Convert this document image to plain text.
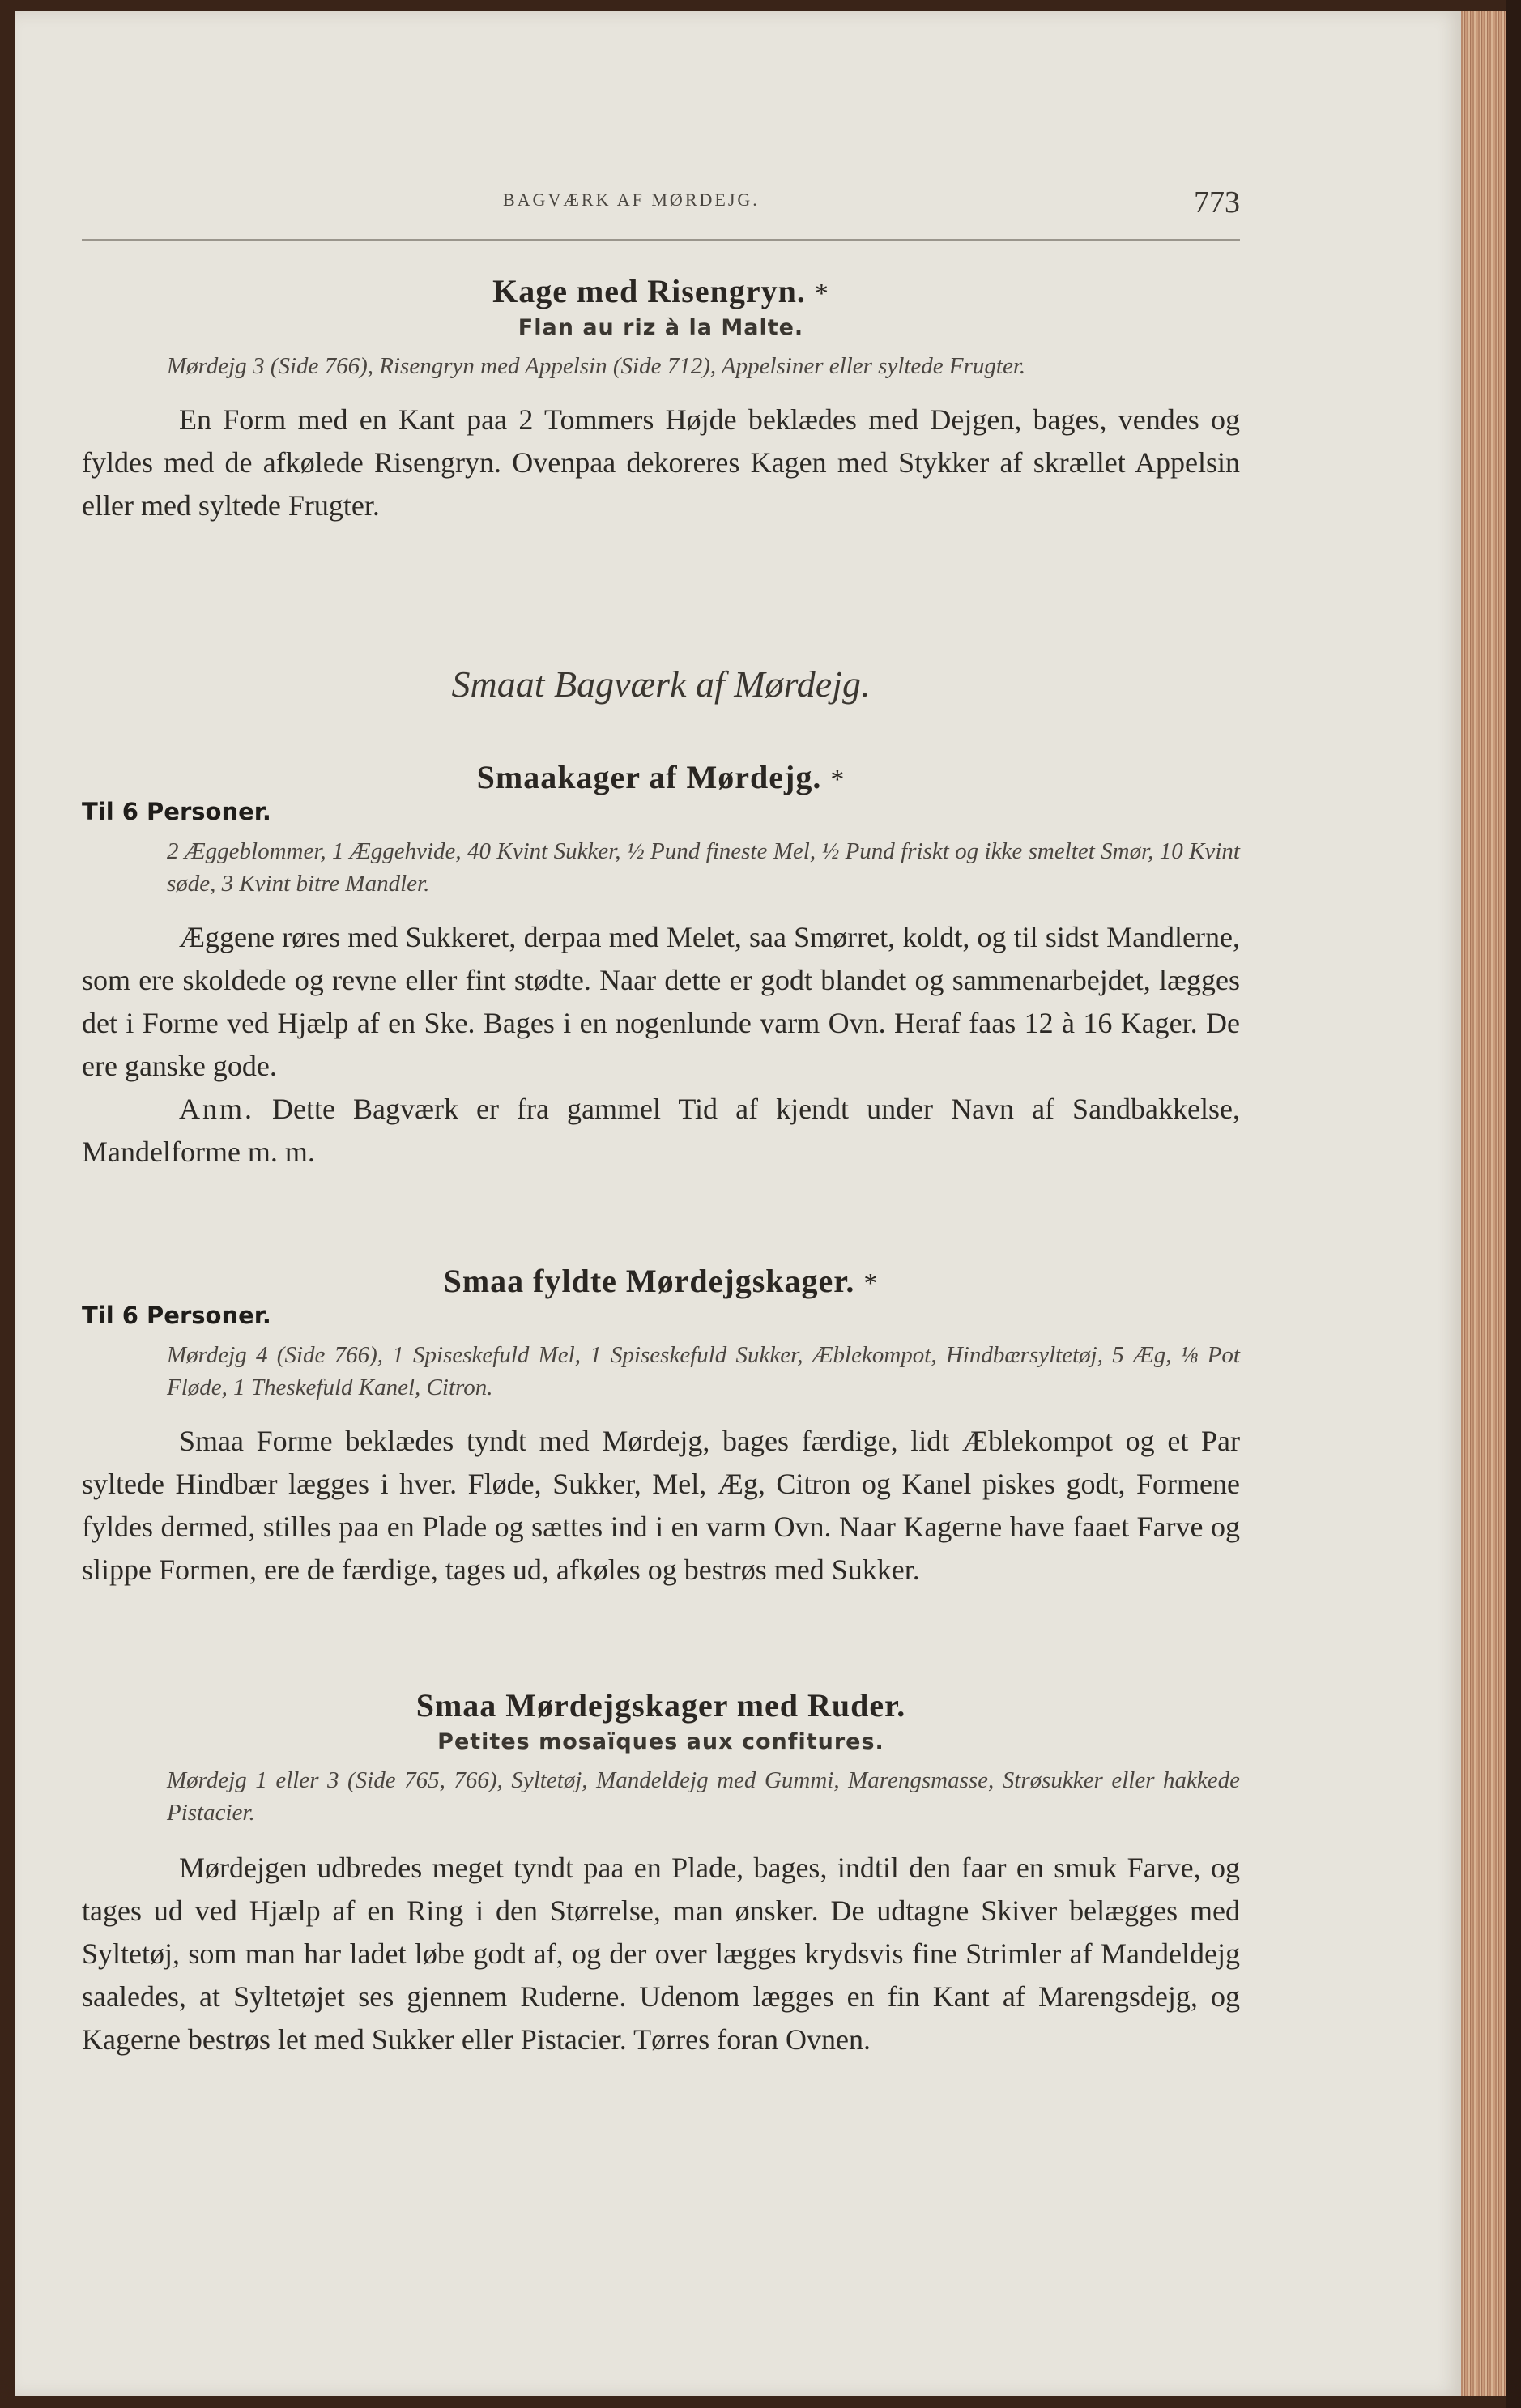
BAGVÆRK AF MØRDEJG.	773
Kage med Risengryn. *
Flan au riz à la Malte.

Mørdejg 3 (Side 766), Risengryn med Appelsin (Side 712), Appelsiner eller syltede Frugter.

En Form med en Kant paa 2 Tommers Højde beklædes med Dejgen, bages, vendes og fyldes med de afkølede Risengryn. Ovenpaa dekoreres Kagen med Stykker af skrællet Appelsin eller med syltede Frugter.

Smaat Bagværk af Mørdejg.
Smaakager af Mørdejg. *
Til 6 Personer.

2 Æggeblommer, 1 Æggehvide, 40 Kvint Sukker, ½ Pund fineste Mel, ½ Pund friskt og ikke smeltet Smør, 10 Kvint søde, 3 Kvint bitre Mandler.

Æggene røres med Sukkeret, derpaa med Melet, saa Smørret, koldt, og til sidst Mandlerne, som ere skoldede og revne eller fint stødte. Naar dette er godt blandet og sammenarbejdet, lægges det i Forme ved Hjælp af en Ske. Bages i en nogenlunde varm Ovn. Heraf faas 12 à 16 Kager. De ere ganske gode.

Anm. Dette Bagværk er fra gammel Tid af kjendt under Navn af Sandbakkelse, Mandelforme m. m.

Smaa fyldte Mørdejgskager. *
Til 6 Personer.

Mørdejg 4 (Side 766), 1 Spiseskefuld Mel, 1 Spiseskefuld Sukker, Æblekompot, Hindbærsyltetøj, 5 Æg, ⅛ Pot Fløde, 1 Theskefuld Kanel, Citron.

Smaa Forme beklædes tyndt med Mørdejg, bages færdige, lidt Æblekompot og et Par syltede Hindbær lægges i hver. Fløde, Sukker, Mel, Æg, Citron og Kanel piskes godt, Formene fyldes dermed, stilles paa en Plade og sættes ind i en varm Ovn. Naar Kagerne have faaet Farve og slippe Formen, ere de færdige, tages ud, afkøles og bestrøs med Sukker.

Smaa Mørdejgskager med Ruder.
Petites mosaïques aux confitures.

Mørdejg 1 eller 3 (Side 765, 766), Syltetøj, Mandeldejg med Gummi, Marengsmasse, Strøsukker eller hakkede Pistacier.

Mørdejgen udbredes meget tyndt paa en Plade, bages, indtil den faar en smuk Farve, og tages ud ved Hjælp af en Ring i den Størrelse, man ønsker. De udtagne Skiver belægges med Syltetøj, som man har ladet løbe godt af, og der over lægges krydsvis fine Strimler af Mandeldejg saaledes, at Syltetøjet ses gjennem Ruderne. Udenom lægges en fin Kant af Marengsdejg, og Kagerne bestrøs let med Sukker eller Pistacier. Tørres foran Ovnen.
